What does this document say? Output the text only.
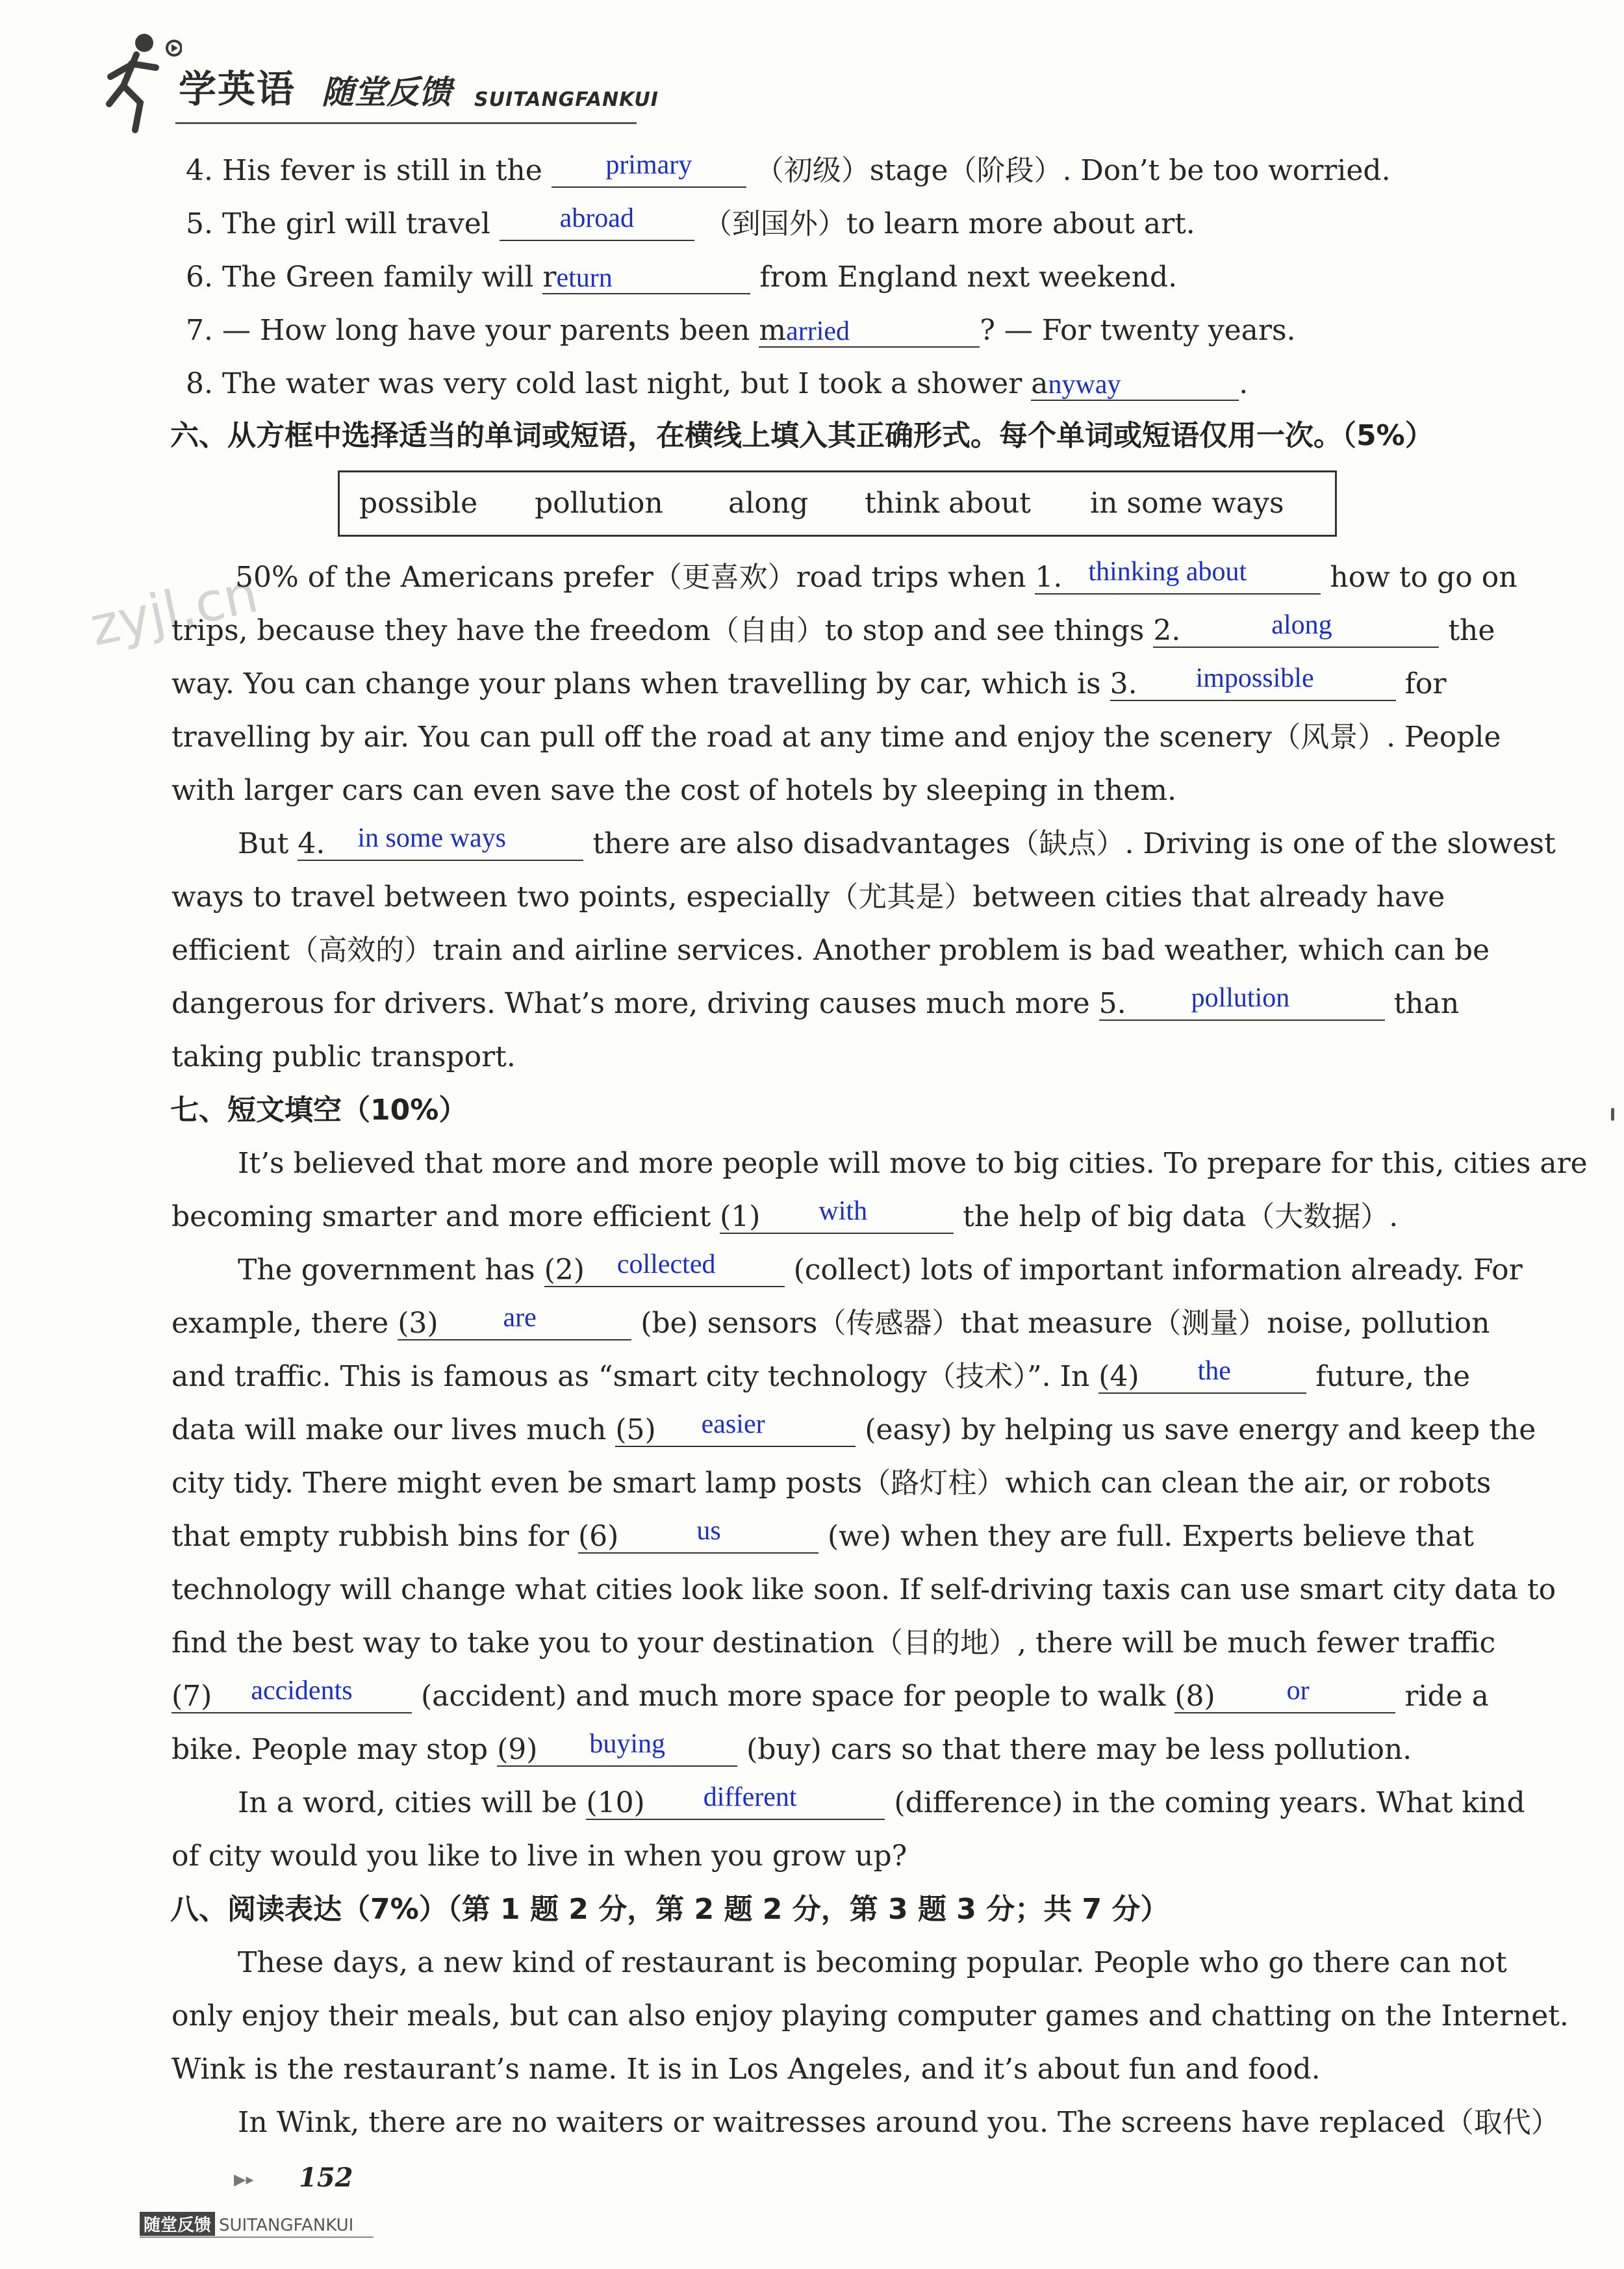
学英语 随堂反馈 SUITANGFANKUI
4. His fever is still in the primary （初级）stage（阶段）. Don’t be too worried.
5. The girl will travel	abroad （到国外）to learn more about art.
6. The Green family will return	from England next weekend.
7. — How long have your parents been married	? — For twenty years.
8. The water was very cold last night, but I took a shower anyway	.
六、从方框中选择适当的单词或短语，在横线上填入其正确形式。每个单词或短语仅用一次。（5%）
possible pollution along think about in some ways
zyjl.cn
50% of the Americans prefer（更喜欢）road trips when 1. thinking about	how to go on
trips, because they have the freedom（自由）to stop and see things 2.	along	the
way. You can change your plans when travelling by car, which is 3. impossible	for
travelling by air. You can pull off the road at any time and enjoy the scenery（风景）. People
with larger cars can even save the cost of hotels by sleeping in them.
But 4. in some ways	there are also disadvantages（缺点）. Driving is one of the slowest
ways to travel between two points, especially（尤其是）between cities that already have
efficient（高效的）train and airline services. Another problem is bad weather, which can be
dangerous for drivers. What’s more, driving causes much more 5. pollution	than
taking public transport.
七、短文填空（10%）
It’s believed that more and more people will move to big cities. To prepare for this, cities are
becoming smarter and more efficient (1) with	the help of big data（大数据）.
The government has (2) collected	(collect) lots of important information already. For
example, there (3) are	(be) sensors（传感器）that measure（测量）noise, pollution
and traffic. This is famous as “smart city technology（技术）”. In (4) the	future, the
data will make our lives much (5) easier	(easy) by helping us save energy and keep the
city tidy. There might even be smart lamp posts（路灯柱）which can clean the air, or robots
that empty rubbish bins for (6)	us	(we) when they are full. Experts believe that
technology will change what cities look like soon. If self-driving taxis can use smart city data to
find the best way to take you to your destination（目的地）, there will be much fewer traffic
(7) accidents (accident) and much more space for people to walk (8)	or	ride a
bike. People may stop (9) buying	(buy) cars so that there may be less pollution.
In a word, cities will be (10) different	(difference) in the coming years. What kind
of city would you like to live in when you grow up?
八、阅读表达（7%）（第 1 题 2 分，第 2 题 2 分，第 3 题 3 分；共 7 分）
These days, a new kind of restaurant is becoming popular. People who go there can not
only enjoy their meals, but can also enjoy playing computer games and chatting on the Internet.
Wink is the restaurant’s name. It is in Los Angeles, and it’s about fun and food.
In Wink, there are no waiters or waitresses around you. The screens have replaced（取代）
▶▸ 152
随堂反馈 SUITANGFANKUI
